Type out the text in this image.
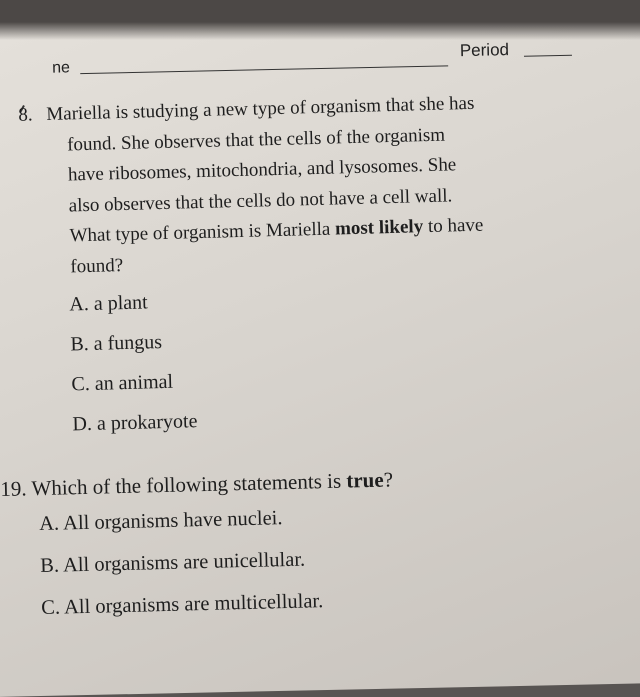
ne
Period
8. Mariella is studying a new type of organism that she has
found. She observes that the cells of the organism
have ribosomes, mitochondria, and lysosomes. She
also observes that the cells do not have a cell wall.
What type of organism is Mariella most likely to have
found?

A. a plant
B. a fungus
C. an animal
D. a prokaryote
19. Which of the following statements is true?
A. All organisms have nuclei.
B. All organisms are unicellular.
C. All organisms are multicellular.
